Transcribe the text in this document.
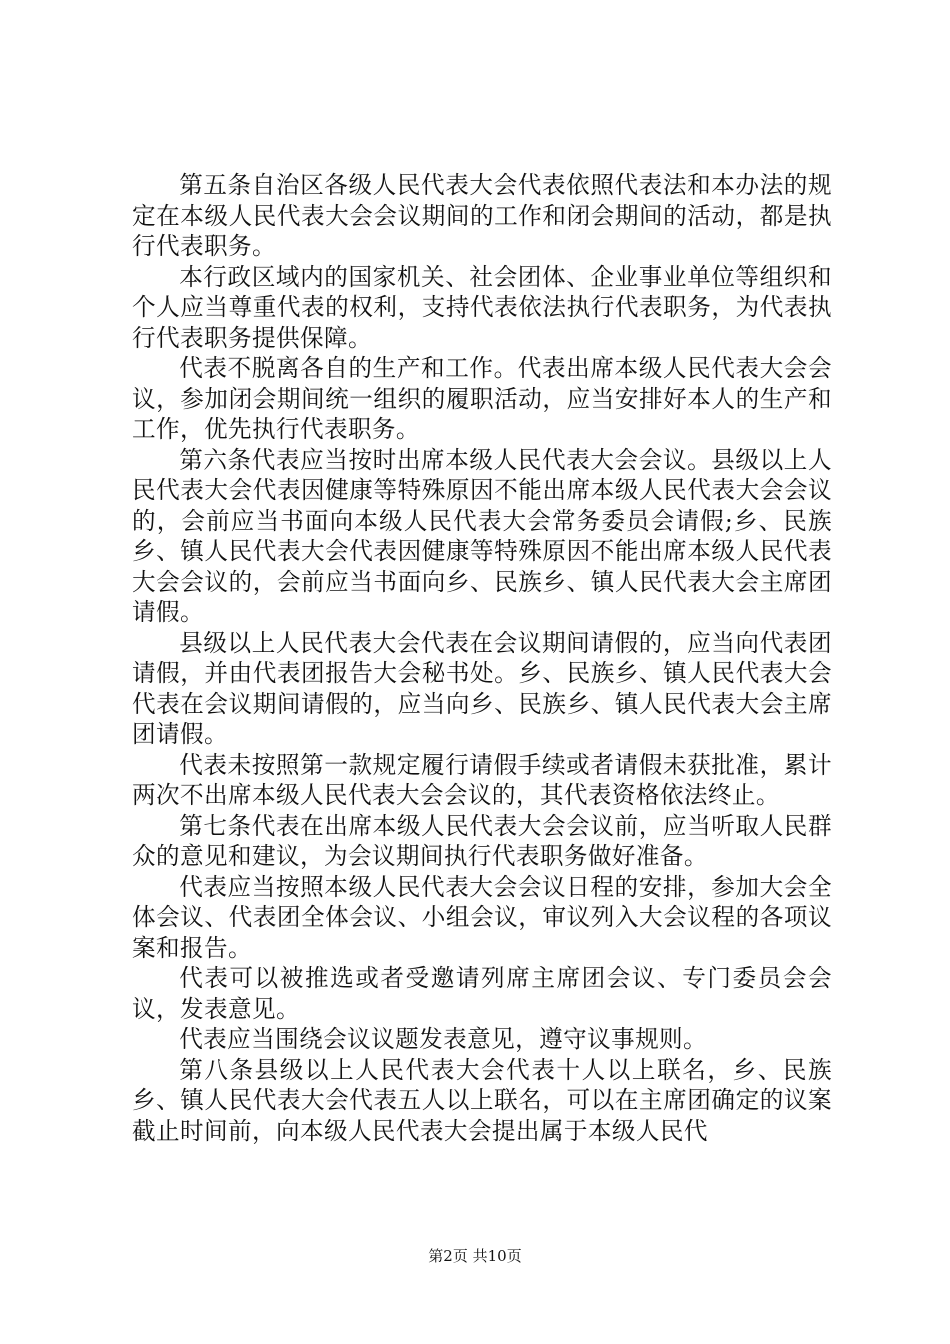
第五条自治区各级人民代表大会代表依照代表法和本办法的规定在本级人民代表大会会议期间的工作和闭会期间的活动，都是执行代表职务。

本行政区域内的国家机关、社会团体、企业事业单位等组织和个人应当尊重代表的权利，支持代表依法执行代表职务，为代表执行代表职务提供保障。

代表不脱离各自的生产和工作。代表出席本级人民代表大会会议，参加闭会期间统一组织的履职活动，应当安排好本人的生产和工作，优先执行代表职务。

第六条代表应当按时出席本级人民代表大会会议。县级以上人民代表大会代表因健康等特殊原因不能出席本级人民代表大会会议的，会前应当书面向本级人民代表大会常务委员会请假;乡、民族乡、镇人民代表大会代表因健康等特殊原因不能出席本级人民代表大会会议的，会前应当书面向乡、民族乡、镇人民代表大会主席团请假。

县级以上人民代表大会代表在会议期间请假的，应当向代表团请假，并由代表团报告大会秘书处。乡、民族乡、镇人民代表大会代表在会议期间请假的，应当向乡、民族乡、镇人民代表大会主席团请假。

代表未按照第一款规定履行请假手续或者请假未获批准，累计两次不出席本级人民代表大会会议的，其代表资格依法终止。

第七条代表在出席本级人民代表大会会议前，应当听取人民群众的意见和建议，为会议期间执行代表职务做好准备。

代表应当按照本级人民代表大会会议日程的安排，参加大会全体会议、代表团全体会议、小组会议，审议列入大会议程的各项议案和报告。

代表可以被推选或者受邀请列席主席团会议、专门委员会会议，发表意见。

代表应当围绕会议议题发表意见，遵守议事规则。

第八条县级以上人民代表大会代表十人以上联名，乡、民族乡、镇人民代表大会代表五人以上联名，可以在主席团确定的议案截止时间前，向本级人民代表大会提出属于本级人民代

第2页 共10页
